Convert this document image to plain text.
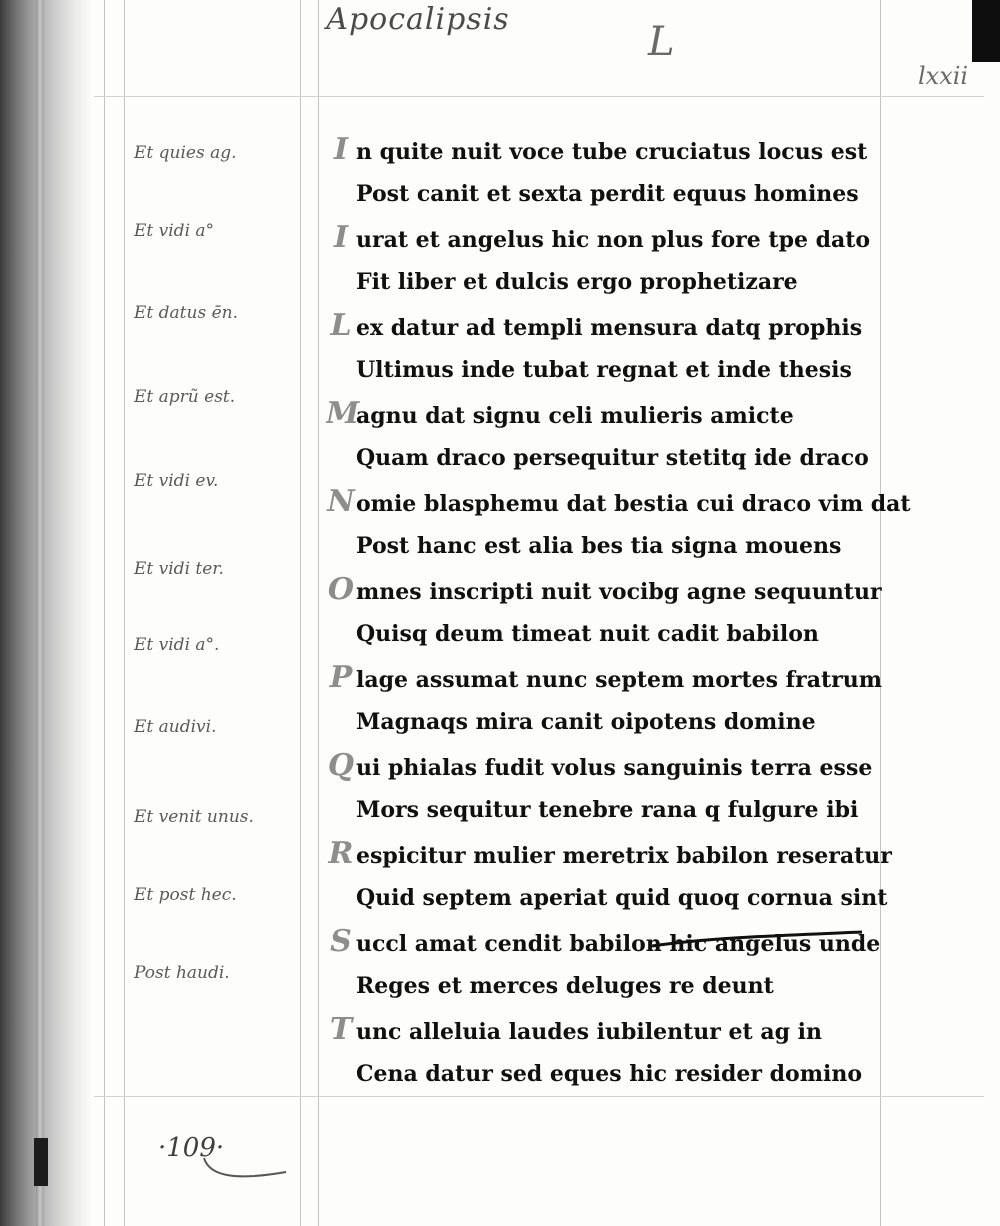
Apocalipsis	L
lxxii
Et quies ag.
Et vidi a°
Et datus ēn.
Et aprũ est.
Et vidi ev.
Et vidi ter.
Et vidi a°.
Et audivi.
Et venit unus.
Et post hec.
Post haudi.
I n quite nuit voce tube cruciatus locus est
Post canit et sexta perdit equus homines
I urat et angelus hic non plus fore tpe dato
Fit liber et dulcis ergo prophetizare
L ex datur ad templi mensura datq prophis
Ultimus inde tubat regnat et inde thesis
Magnu dat signu celi mulieris amicte
Quam draco persequitur stetitq ide draco
Nomie blasphemu dat bestia cui draco vim dat
Post hanc est alia bes tia signa mouens
Omnes inscripti nuit vocibg agne sequuntur
Quisq deum timeat nuit cadit babilon
P lage assumat nunc septem mortes fratrum
Magnaqs mira canit oipotens domine
Qui phialas fudit volus sanguinis terra esse
Mors sequitur tenebre rana q fulgure ibi
R espicitur mulier meretrix babilon reseratur
Quid septem aperiat quid quoq cornua sint
S uccl amat cendit babilon hic angelus unde
Reges et merces deluges re deunt
T unc alleluia laudes iubilentur et ag in
Cena datur sed eques hic resider domino
·109·
